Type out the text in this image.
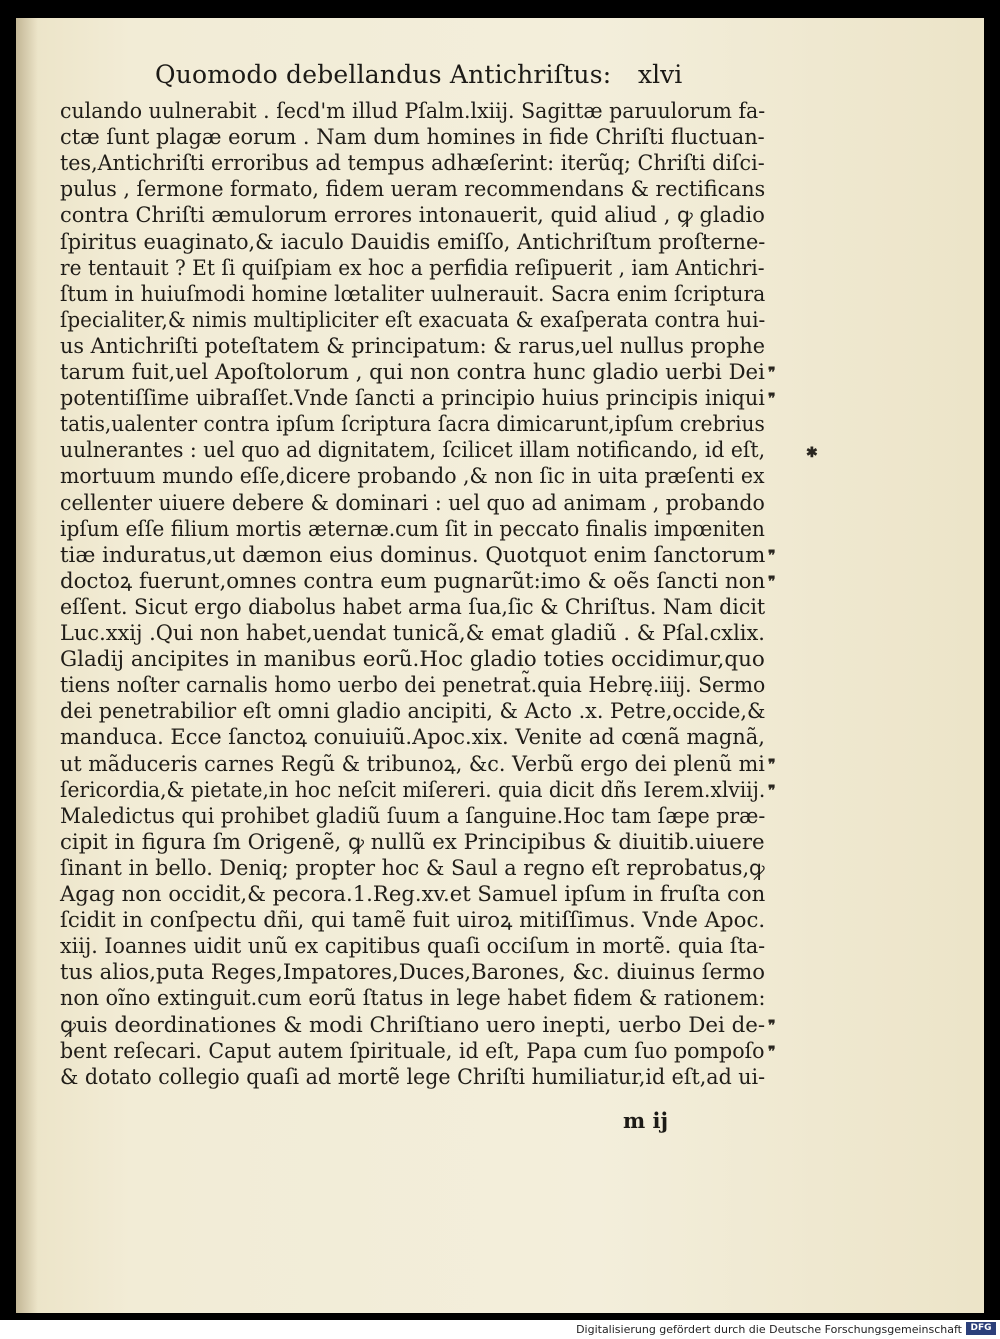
Quomodo debellandus Antichriſtus: xlvi
culando uulnerabit . ſecd'm illud Pſalm.lxiij. Sagittæ paruulorum fa-
ctæ ſunt plagæ eorum . Nam dum homines in fide Chriſti fluctuan-
tes,Antichriſti erroribus ad tempus adhæſerint: iterũq; Chriſti diſci-
pulus , ſermone formato, fidem ueram recommendans & rectificans
contra Chriſti æmulorum errores intonauerit, quid aliud , ꝙ gladio
ſpiritus euaginato,& iaculo Dauidis emiſſo, Antichriſtum proſterne-
re tentauit ? Et ſi quiſpiam ex hoc a perfidia reſipuerit , iam Antichri-
ſtum in huiuſmodi homine lœtaliter uulnerauit. Sacra enim ſcriptura
ſpecialiter,& nimis multipliciter eſt exacuata & exaſperata contra hui-
us Antichriſti poteſtatem & principatum: & rarus,uel nullus prophe
tarum fuit,uel Apoſtolorum , qui non contra hunc gladio uerbi Dei
potentiſſime uibraſſet.Vnde ſancti a principio huius principis iniqui
tatis,ualenter contra ipſum ſcriptura ſacra dimicarunt,ipſum crebrius
uulnerantes : uel quo ad dignitatem, ſcilicet illam notificando, id eſt,
mortuum mundo eſſe,dicere probando ,& non ſic in uita præſenti ex
cellenter uiuere debere & dominari : uel quo ad animam , probando
ipſum eſſe filium mortis æternæ.cum ſit in peccato finalis impœniten
tiæ induratus,ut dæmon eius dominus. Quotquot enim ſanctorum
doctoꝝ fuerunt,omnes contra eum pugnarũt:imo & oẽs ſancti non
eſſent. Sicut ergo diabolus habet arma ſua,ſic & Chriſtus. Nam dicit
Luc.xxij .Qui non habet,uendat tunicã,& emat gladiũ . & Pſal.cxlix.
Gladij ancipites in manibus eorũ.Hoc gladio toties occidimur,quo
tiens noſter carnalis homo uerbo dei penetrat̃.quia Hebrę.iiij. Sermo
dei penetrabilior eſt omni gladio ancipiti, & Acto .x. Petre,occide,&
manduca. Ecce ſanctoꝝ conuiuiũ.Apoc.xix. Venite ad cœnã magnã,
ut mãduceris carnes Regũ & tribunoꝝ, &c. Verbũ ergo dei plenũ mi
ſericordia,& pietate,in hoc neſcit miſereri. quia dicit dñs Ierem.xlviij.
Maledictus qui prohibet gladiũ ſuum a ſanguine.Hoc tam ſæpe præ-
cipit in figura ſm Origenẽ, ꝙ nullũ ex Principibus & diuitib.uiuere
ſinant in bello. Deniq; propter hoc & Saul a regno eſt reprobatus,ꝙ
Agag non occidit,& pecora.1.Reg.xv.et Samuel ipſum in fruſta con
ſcidit in conſpectu dñi, qui tamẽ fuit uiroꝝ mitiſſimus. Vnde Apoc.
xiij. Ioannes uidit unũ ex capitibus quaſi occiſum in mortẽ. quia ſta-
tus alios,puta Reges,Impatores,Duces,Barones, &c. diuinus ſermo
non oĩno extinguit.cum eorũ ſtatus in lege habet fidem & rationem:
ꝙuis deordinationes & modi Chriſtiano uero inepti, uerbo Dei de-
bent reſecari. Caput autem ſpirituale, id eſt, Papa cum ſuo pompoſo
& dotato collegio quaſi ad mortẽ lege Chriſti humiliatur,id eſt,ad ui-
❞
❞
❞
❞
❞
❞
❞
❞
✱
m ij
Digitalisierung gefördert durch die Deutsche Forschungsgemeinschaft DFG
